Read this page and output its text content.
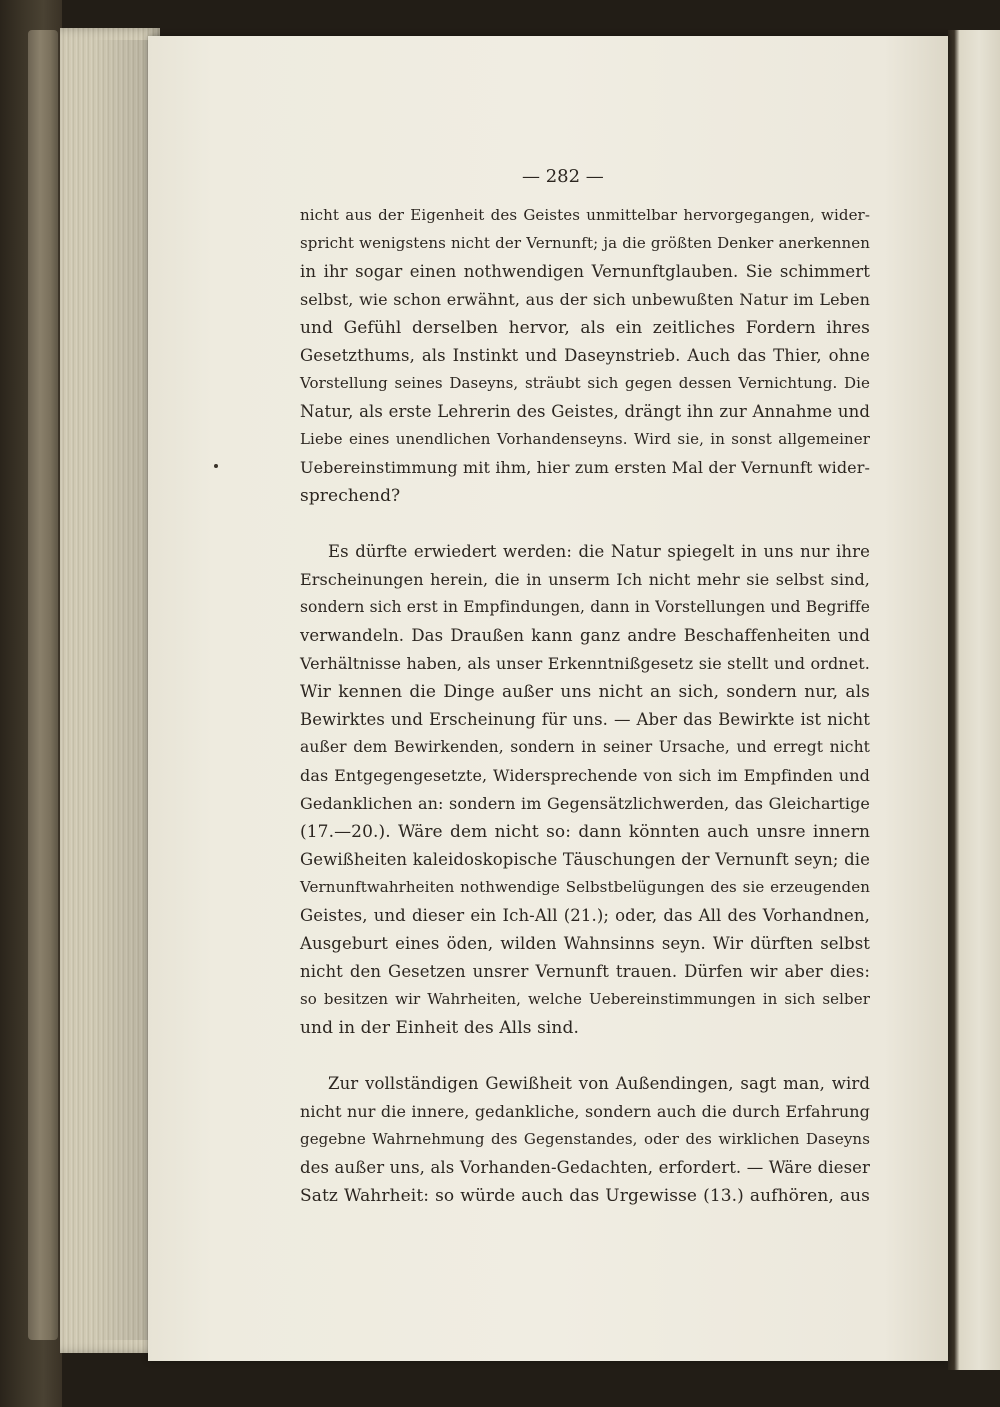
— 282 —
nicht aus der Eigenheit des Geistes unmittelbar hervorgegangen, wider-
spricht wenigstens nicht der Vernunft; ja die größten Denker anerkennen
in ihr sogar einen nothwendigen Vernunftglauben. Sie schimmert
selbst, wie schon erwähnt, aus der sich unbewußten Natur im Leben
und Gefühl derselben hervor, als ein zeitliches Fordern ihres
Gesetzthums, als Instinkt und Daseynstrieb. Auch das Thier, ohne
Vorstellung seines Daseyns, sträubt sich gegen dessen Vernichtung. Die
Natur, als erste Lehrerin des Geistes, drängt ihn zur Annahme und
Liebe eines unendlichen Vorhandenseyns. Wird sie, in sonst allgemeiner
Uebereinstimmung mit ihm, hier zum ersten Mal der Vernunft wider-
sprechend?
Es dürfte erwiedert werden: die Natur spiegelt in uns nur ihre
Erscheinungen herein, die in unserm Ich nicht mehr sie selbst sind,
sondern sich erst in Empfindungen, dann in Vorstellungen und Begriffe
verwandeln. Das Draußen kann ganz andre Beschaffenheiten und
Verhältnisse haben, als unser Erkenntnißgesetz sie stellt und ordnet.
Wir kennen die Dinge außer uns nicht an sich, sondern nur, als
Bewirktes und Erscheinung für uns. — Aber das Bewirkte ist nicht
außer dem Bewirkenden, sondern in seiner Ursache, und erregt nicht
das Entgegengesetzte, Widersprechende von sich im Empfinden und
Gedanklichen an: sondern im Gegensätzlichwerden, das Gleichartige
(17.—20.). Wäre dem nicht so: dann könnten auch unsre innern
Gewißheiten kaleidoskopische Täuschungen der Vernunft seyn; die
Vernunftwahrheiten nothwendige Selbstbelügungen des sie erzeugenden
Geistes, und dieser ein Ich-All (21.); oder, das All des Vorhandnen,
Ausgeburt eines öden, wilden Wahnsinns seyn. Wir dürften selbst
nicht den Gesetzen unsrer Vernunft trauen. Dürfen wir aber dies:
so besitzen wir Wahrheiten, welche Uebereinstimmungen in sich selber
und in der Einheit des Alls sind.
Zur vollständigen Gewißheit von Außendingen, sagt man, wird
nicht nur die innere, gedankliche, sondern auch die durch Erfahrung
gegebne Wahrnehmung des Gegenstandes, oder des wirklichen Daseyns
des außer uns, als Vorhanden-Gedachten, erfordert. — Wäre dieser
Satz Wahrheit: so würde auch das Urgewisse (13.) aufhören, aus
